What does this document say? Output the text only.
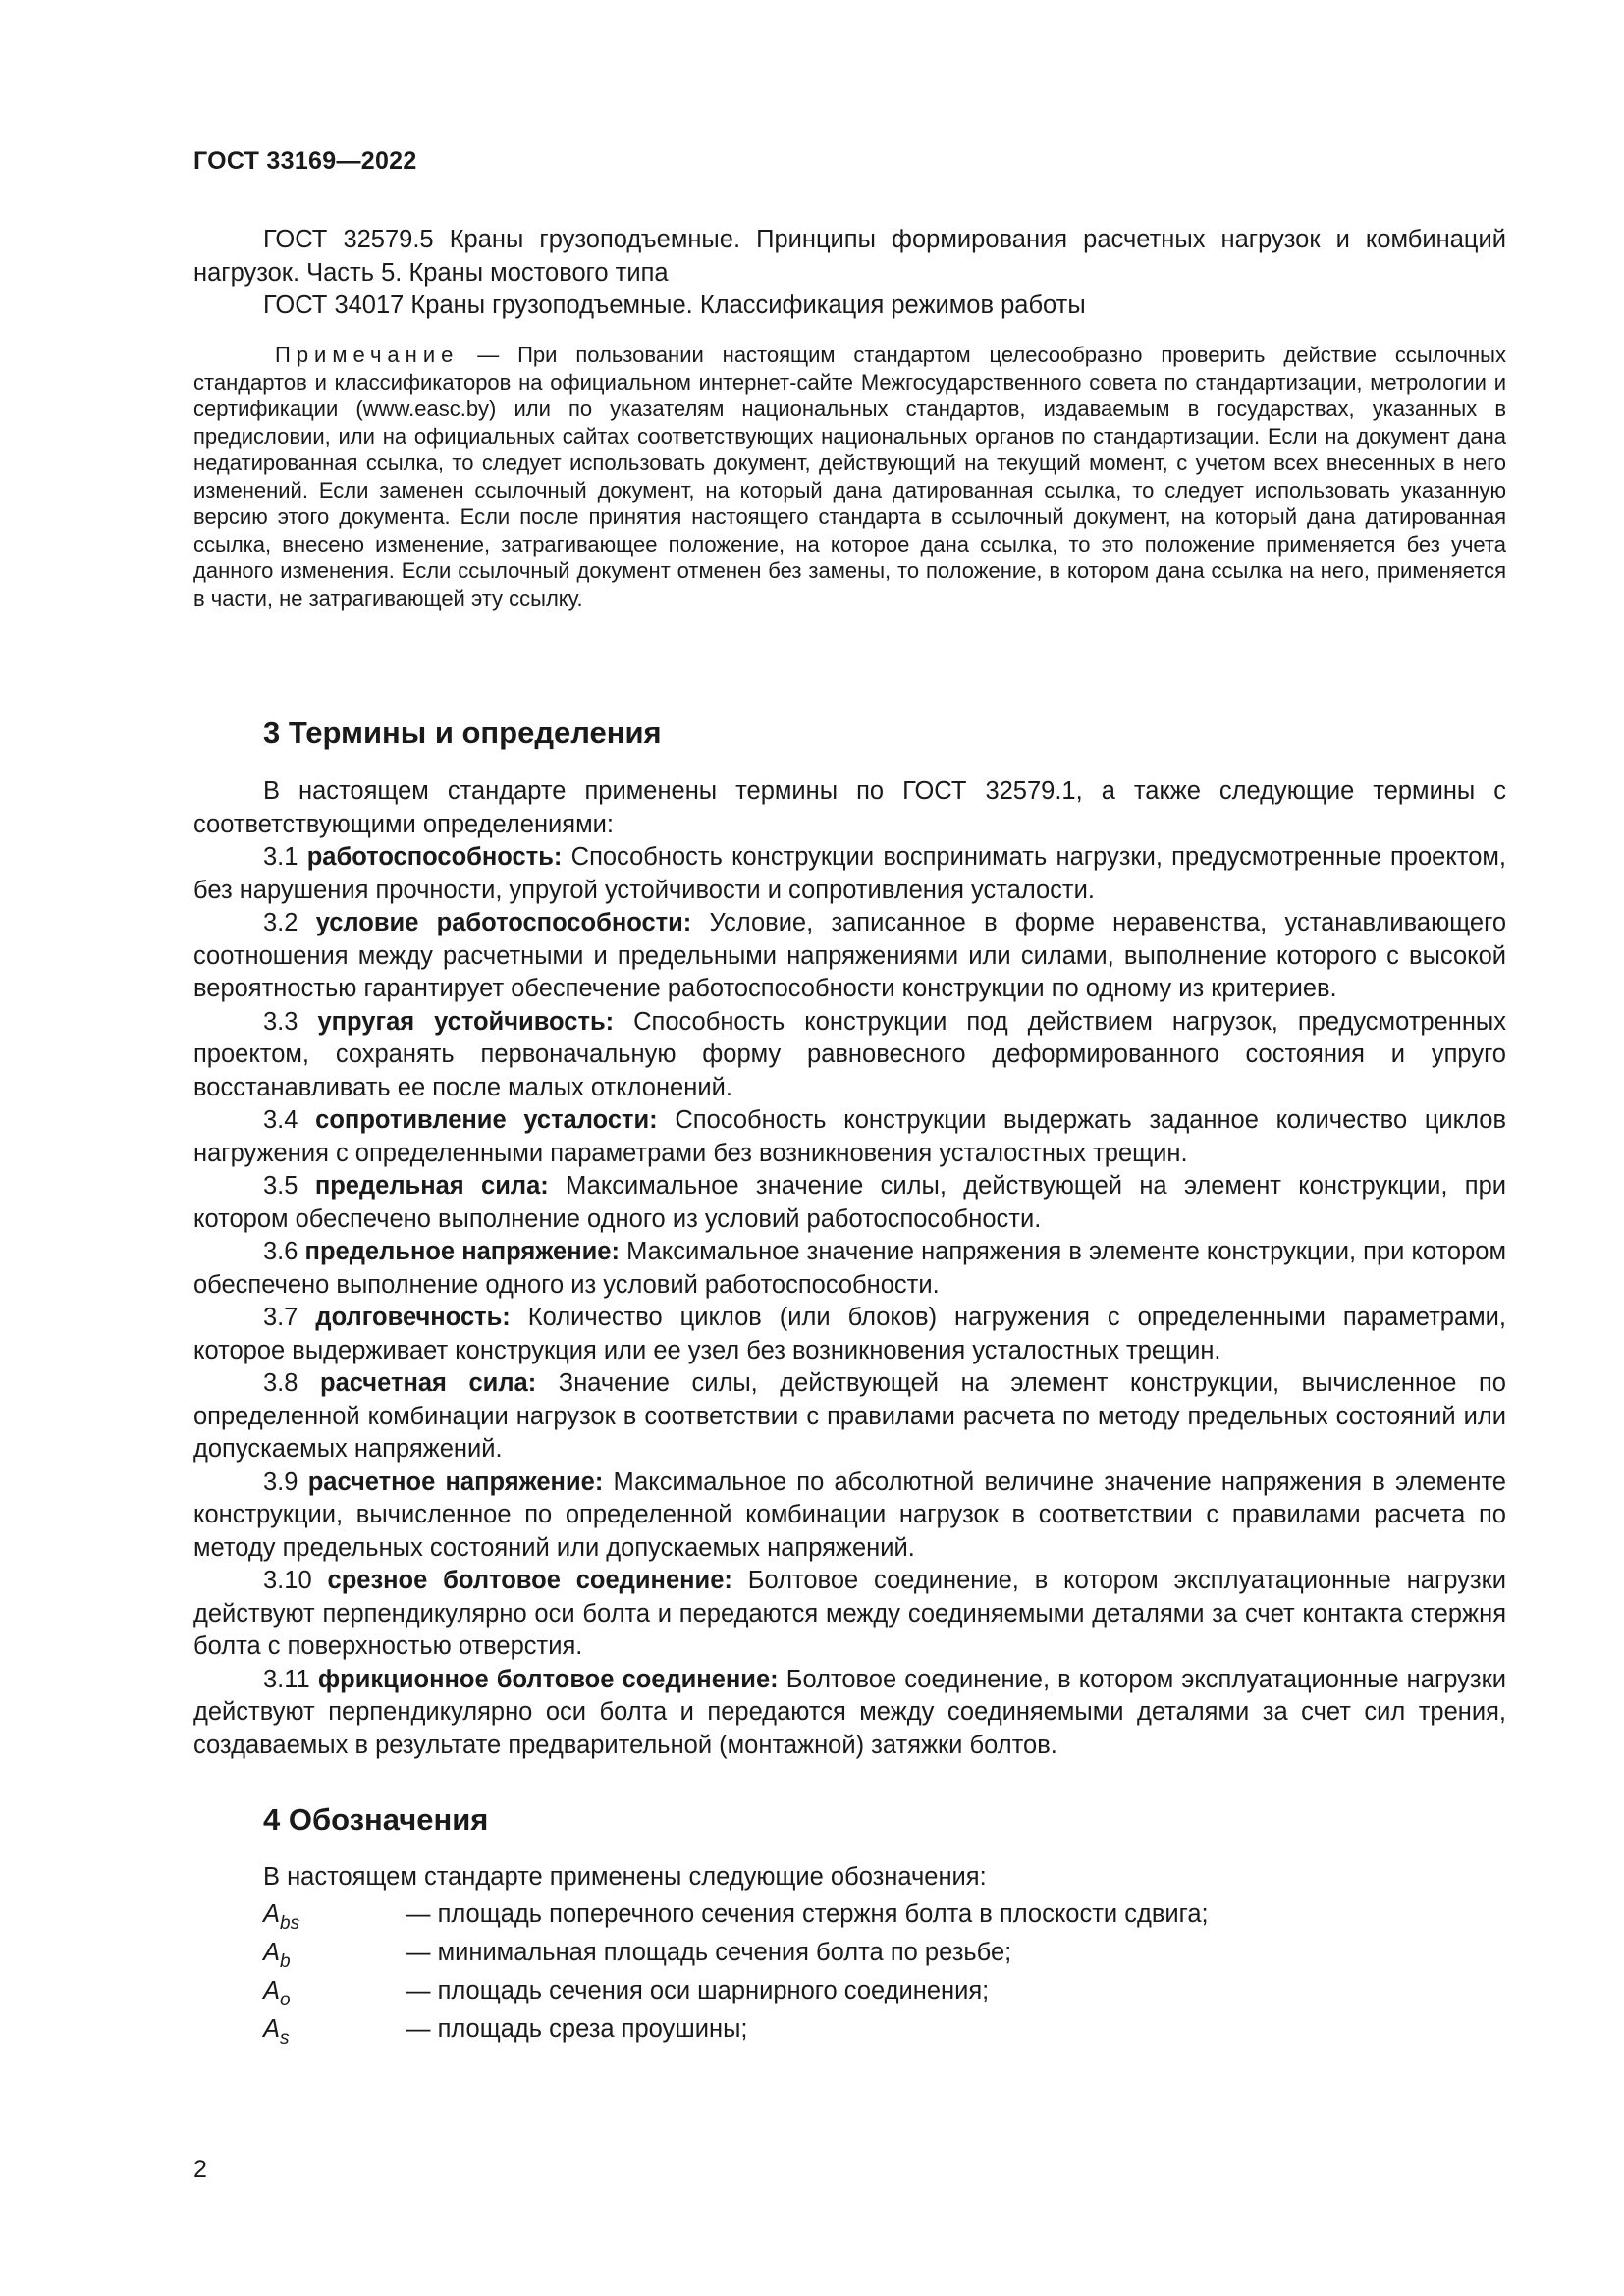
ГОСТ 33169—2022

ГОСТ 32579.5 Краны грузоподъемные. Принципы формирования расчетных нагрузок и комбинаций нагрузок. Часть 5. Краны мостового типа

ГОСТ 34017 Краны грузоподъемные. Классификация режимов работы

Примечание — При пользовании настоящим стандартом целесообразно проверить действие ссылочных стандартов и классификаторов на официальном интернет-сайте Межгосударственного совета по стандартизации, метрологии и сертификации (www.easc.by) или по указателям национальных стандартов, издаваемым в государствах, указанных в предисловии, или на официальных сайтах соответствующих национальных органов по стандартизации. Если на документ дана недатированная ссылка, то следует использовать документ, действующий на текущий момент, с учетом всех внесенных в него изменений. Если заменен ссылочный документ, на который дана датированная ссылка, то следует использовать указанную версию этого документа. Если после принятия настоящего стандарта в ссылочный документ, на который дана датированная ссылка, внесено изменение, затрагивающее положение, на которое дана ссылка, то это положение применяется без учета данного изменения. Если ссылочный документ отменен без замены, то положение, в котором дана ссылка на него, применяется в части, не затрагивающей эту ссылку.

3 Термины и определения

В настоящем стандарте применены термины по ГОСТ 32579.1, а также следующие термины с соответствующими определениями:

3.1 работоспособность: Способность конструкции воспринимать нагрузки, предусмотренные проектом, без нарушения прочности, упругой устойчивости и сопротивления усталости.

3.2 условие работоспособности: Условие, записанное в форме неравенства, устанавливающего соотношения между расчетными и предельными напряжениями или силами, выполнение которого с высокой вероятностью гарантирует обеспечение работоспособности конструкции по одному из критериев.

3.3 упругая устойчивость: Способность конструкции под действием нагрузок, предусмотренных проектом, сохранять первоначальную форму равновесного деформированного состояния и упруго восстанавливать ее после малых отклонений.

3.4 сопротивление усталости: Способность конструкции выдержать заданное количество циклов нагружения с определенными параметрами без возникновения усталостных трещин.

3.5 предельная сила: Максимальное значение силы, действующей на элемент конструкции, при котором обеспечено выполнение одного из условий работоспособности.

3.6 предельное напряжение: Максимальное значение напряжения в элементе конструкции, при котором обеспечено выполнение одного из условий работоспособности.

3.7 долговечность: Количество циклов (или блоков) нагружения с определенными параметрами, которое выдерживает конструкция или ее узел без возникновения усталостных трещин.

3.8 расчетная сила: Значение силы, действующей на элемент конструкции, вычисленное по определенной комбинации нагрузок в соответствии с правилами расчета по методу предельных состояний или допускаемых напряжений.

3.9 расчетное напряжение: Максимальное по абсолютной величине значение напряжения в элементе конструкции, вычисленное по определенной комбинации нагрузок в соответствии с правилами расчета по методу предельных состояний или допускаемых напряжений.

3.10 срезное болтовое соединение: Болтовое соединение, в котором эксплуатационные нагрузки действуют перпендикулярно оси болта и передаются между соединяемыми деталями за счет контакта стержня болта с поверхностью отверстия.

3.11 фрикционное болтовое соединение: Болтовое соединение, в котором эксплуатационные нагрузки действуют перпендикулярно оси болта и передаются между соединяемыми деталями за счет сил трения, создаваемых в результате предварительной (монтажной) затяжки болтов.

4 Обозначения

В настоящем стандарте применены следующие обозначения:

$A_{bs}$	— площадь поперечного сечения стержня болта в плоскости сдвига;
$A_b$	— минимальная площадь сечения болта по резьбе;
$A_o$	— площадь сечения оси шарнирного соединения;
$A_s$	— площадь среза проушины;
2
